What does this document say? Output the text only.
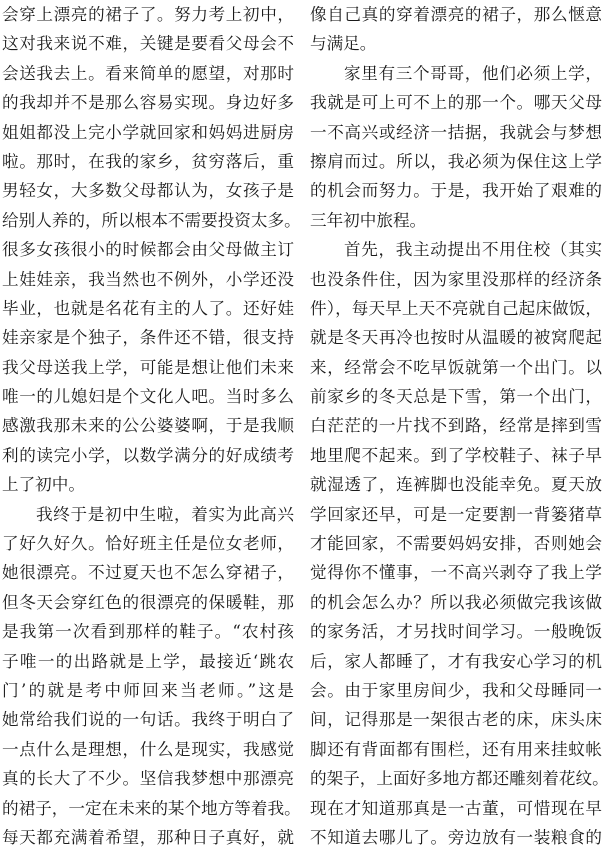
会穿上漂亮的裙子了。努力考上初中，
这对我来说不难，关键是要看父母会不
会送我去上。看来简单的愿望，对那时
的我却并不是那么容易实现。身边好多
姐姐都没上完小学就回家和妈妈进厨房
啦。那时，在我的家乡，贫穷落后，重
男轻女，大多数父母都认为，女孩子是
给别人养的，所以根本不需要投资太多。
很多女孩很小的时候都会由父母做主订
上娃娃亲，我当然也不例外，小学还没
毕业，也就是名花有主的人了。还好娃
娃亲家是个独子，条件还不错，很支持
我父母送我上学，可能是想让他们未来
唯一的儿媳妇是个文化人吧。当时多么
感激我那未来的公公婆婆啊，于是我顺
利的读完小学，以数学满分的好成绩考
上了初中。
我终于是初中生啦，着实为此高兴
了好久好久。恰好班主任是位女老师，
她很漂亮。不过夏天也不怎么穿裙子，
但冬天会穿红色的很漂亮的保暖鞋，那
是我第一次看到那样的鞋子。“农村孩
子唯一的出路就是上学，最接近‘跳农
门’的就是考中师回来当老师。”这是
她常给我们说的一句话。我终于明白了
一点什么是理想，什么是现实，我感觉
真的长大了不少。坚信我梦想中那漂亮
的裙子，一定在未来的某个地方等着我。
每天都充满着希望，那种日子真好，就
像自己真的穿着漂亮的裙子，那么惬意
与满足。
家里有三个哥哥，他们必须上学，
我就是可上可不上的那一个。哪天父母
一不高兴或经济一拮据，我就会与梦想
擦肩而过。所以，我必须为保住这上学
的机会而努力。于是，我开始了艰难的
三年初中旅程。
首先，我主动提出不用住校（其实
也没条件住，因为家里没那样的经济条
件），每天早上天不亮就自己起床做饭，
就是冬天再冷也按时从温暖的被窝爬起
来，经常会不吃早饭就第一个出门。以
前家乡的冬天总是下雪，第一个出门，
白茫茫的一片找不到路，经常是摔到雪
地里爬不起来。到了学校鞋子、袜子早
就湿透了，连裤脚也没能幸免。夏天放
学回家还早，可是一定要割一背篓猪草
才能回家，不需要妈妈安排，否则她会
觉得你不懂事，一不高兴剥夺了我上学
的机会怎么办？所以我必须做完我该做
的家务活，才另找时间学习。一般晚饭
后，家人都睡了，才有我安心学习的机
会。由于家里房间少，我和父母睡同一
间，记得那是一架很古老的床，床头床
脚还有背面都有围栏，还有用来挂蚊帐
的架子，上面好多地方都还雕刻着花纹。
现在才知道那真是一古董，可惜现在早
不知道去哪儿了。旁边放有一装粮食的
